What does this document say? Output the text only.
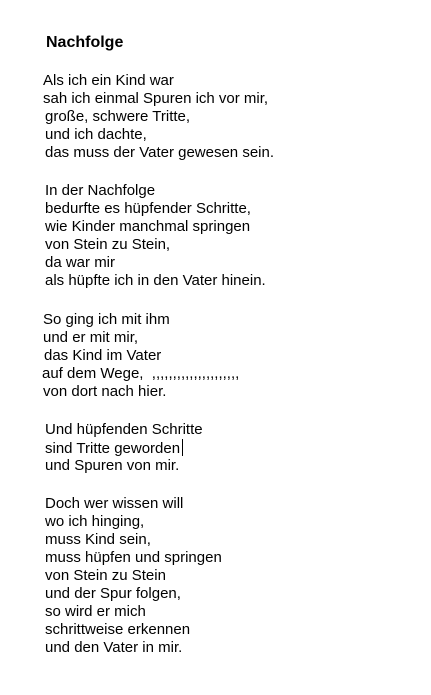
Nachfolge
Als ich ein Kind war
sah ich einmal Spuren ich vor mir,
große, schwere Tritte,
und ich dachte,
das muss der Vater gewesen sein.
In der Nachfolge
bedurfte es hüpfender Schritte,
wie Kinder manchmal springen
von Stein zu Stein,
da war mir
als hüpfte ich in den Vater hinein.
So ging ich mit ihm
und er mit mir,
das Kind im Vater
auf dem Wege,  ,,,,,,,,,,,,,,,,,,,,,
von dort nach hier.
Und hüpfenden Schritte
sind Tritte geworden
und Spuren von mir.
Doch wer wissen will
wo ich hinging,
muss Kind sein,
muss hüpfen und springen
von Stein zu Stein
und der Spur folgen,
so wird er mich
schrittweise erkennen
und den Vater in mir.
